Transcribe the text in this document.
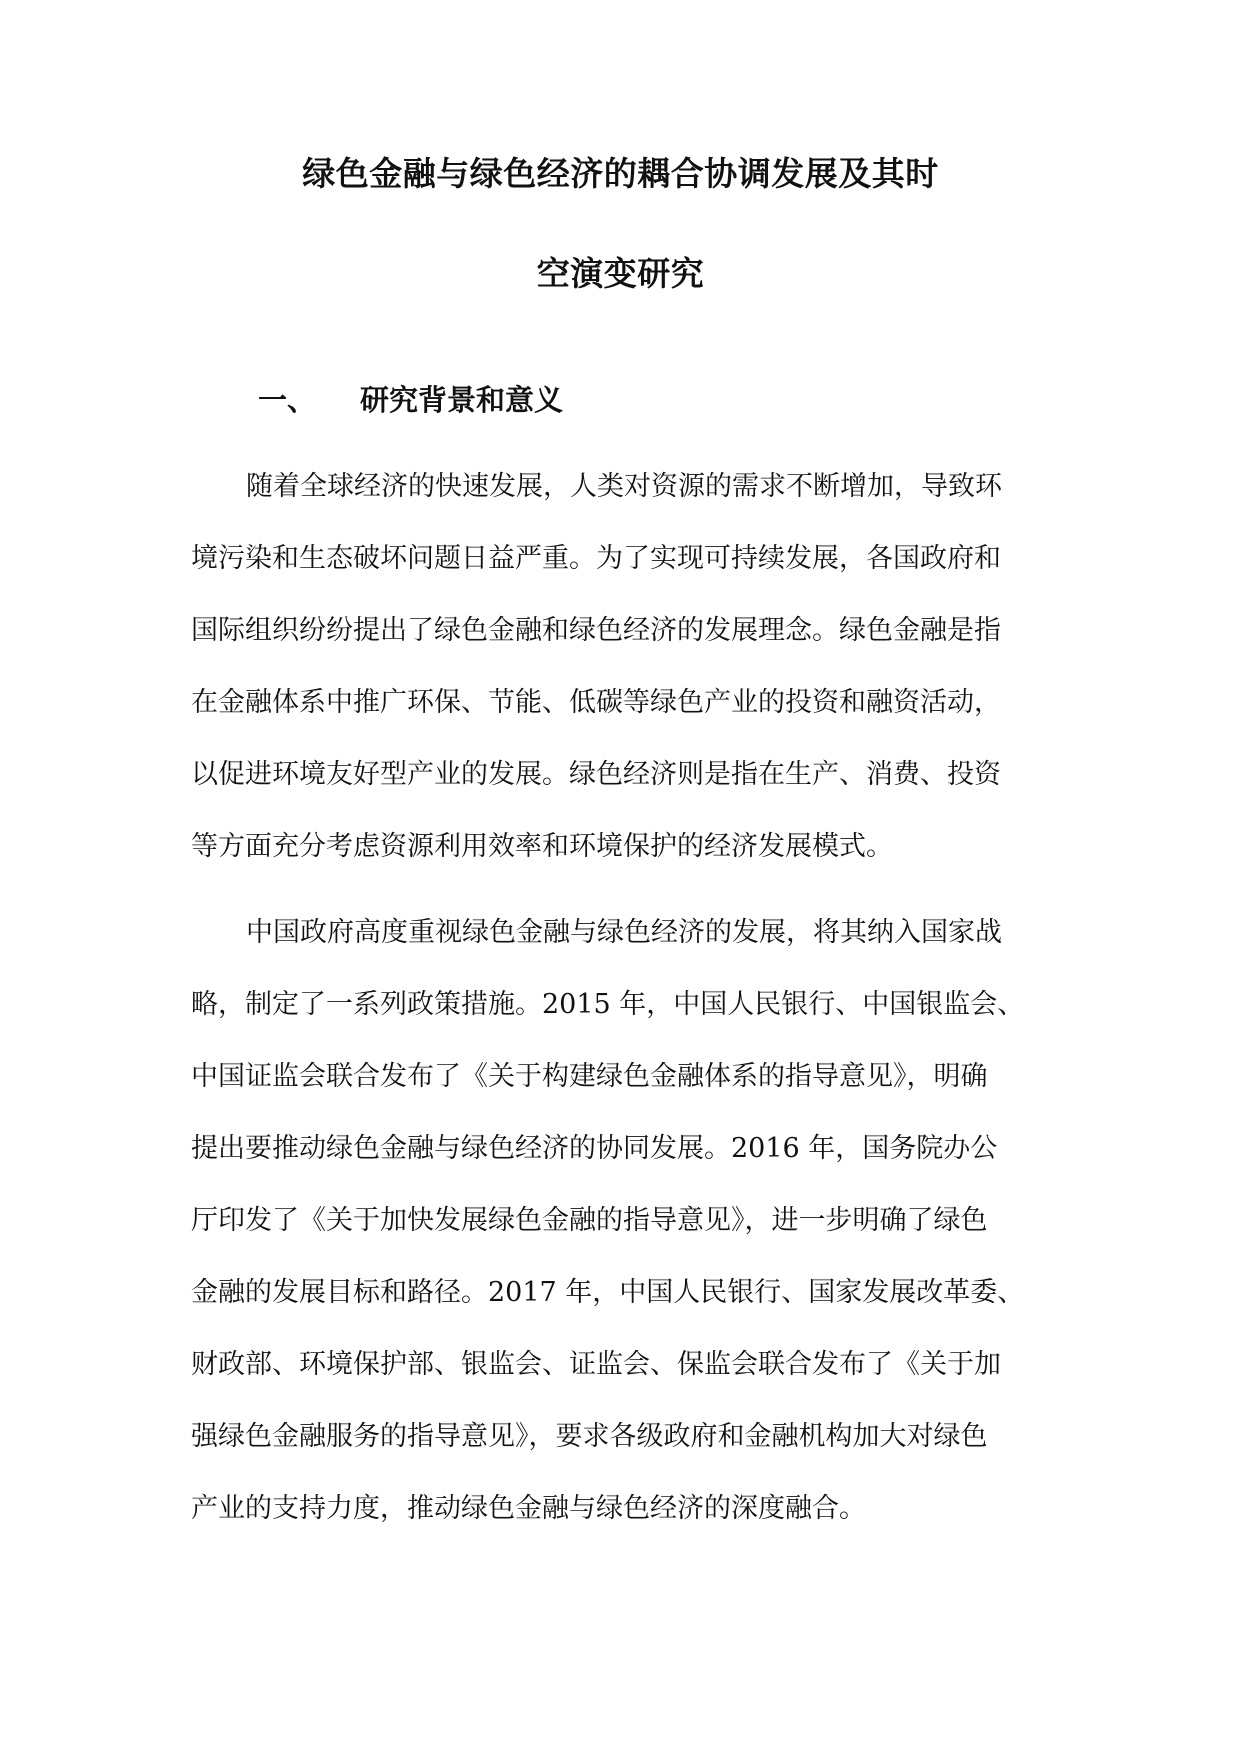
绿色金融与绿色经济的耦合协调发展及其时
空演变研究
一、 研究背景和意义
随着全球经济的快速发展，人类对资源的需求不断增加，导致环
境污染和生态破坏问题日益严重。为了实现可持续发展，各国政府和
国际组织纷纷提出了绿色金融和绿色经济的发展理念。绿色金融是指
在金融体系中推广环保、节能、低碳等绿色产业的投资和融资活动，
以促进环境友好型产业的发展。绿色经济则是指在生产、消费、投资
等方面充分考虑资源利用效率和环境保护的经济发展模式。
中国政府高度重视绿色金融与绿色经济的发展，将其纳入国家战
略，制定了一系列政策措施。2015 年，中国人民银行、中国银监会、
中国证监会联合发布了《关于构建绿色金融体系的指导意见》，明确
提出要推动绿色金融与绿色经济的协同发展。2016 年，国务院办公
厅印发了《关于加快发展绿色金融的指导意见》，进一步明确了绿色
金融的发展目标和路径。2017 年，中国人民银行、国家发展改革委、
财政部、环境保护部、银监会、证监会、保监会联合发布了《关于加
强绿色金融服务的指导意见》，要求各级政府和金融机构加大对绿色
产业的支持力度，推动绿色金融与绿色经济的深度融合。
